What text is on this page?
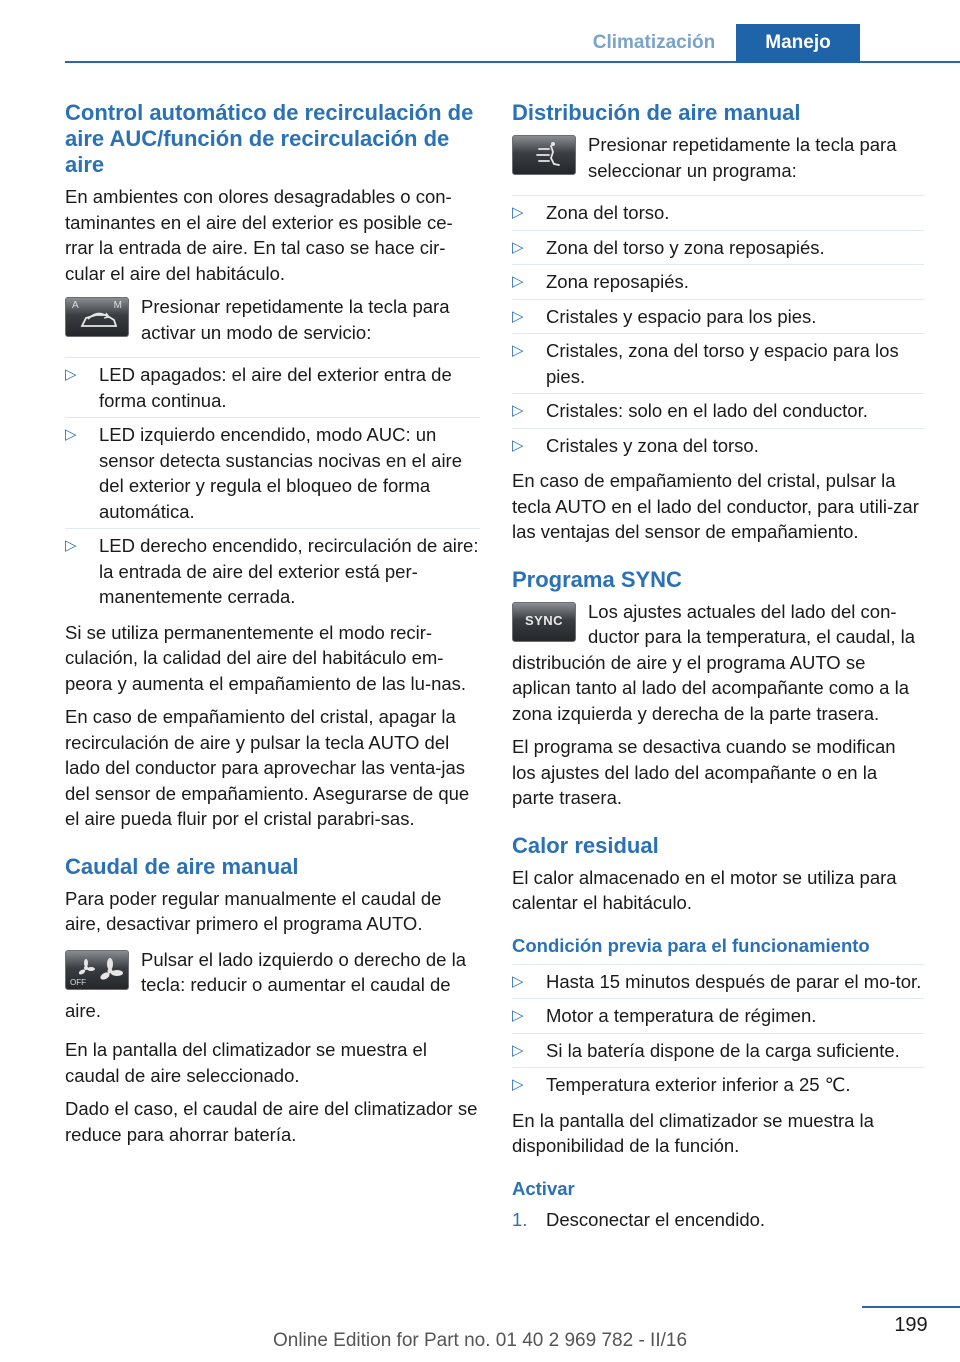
Climatización	Manejo
Control automático de recirculación de aire AUC/función de recirculación de aire

En ambientes con olores desagradables o con-taminantes en el aire del exterior es posible ce-rrar la entrada de aire. En tal caso se hace cir-cular el aire del habitáculo.

A	M Presionar repetidamente la tecla para activar un modo de servicio:

▷ LED apagados: el aire del exterior entra de forma continua.
▷ LED izquierdo encendido, modo AUC: un sensor detecta sustancias nocivas en el aire del exterior y regula el bloqueo de forma automática.
▷ LED derecho encendido, recirculación de aire: la entrada de aire del exterior está per-manentemente cerrada.

Si se utiliza permanentemente el modo recir-culación, la calidad del aire del habitáculo em-peora y aumenta el empañamiento de las lu-nas.

En caso de empañamiento del cristal, apagar la recirculación de aire y pulsar la tecla AUTO del lado del conductor para aprovechar las venta-jas del sensor de empañamiento. Asegurarse de que el aire pueda fluir por el cristal parabri-sas.

Caudal de aire manual

Para poder regular manualmente el caudal de aire, desactivar primero el programa AUTO.

OFF

Pulsar el lado izquierdo o derecho de la tecla: reducir o aumentar el caudal de aire.

En la pantalla del climatizador se muestra el caudal de aire seleccionado.

Dado el caso, el caudal de aire del climatizador se reduce para ahorrar batería.

Distribución de aire manual

Presionar repetidamente la tecla para seleccionar un programa:

▷ Zona del torso.
▷ Zona del torso y zona reposapiés.
▷ Zona reposapiés.
▷ Cristales y espacio para los pies.
▷ Cristales, zona del torso y espacio para los pies.
▷ Cristales: solo en el lado del conductor.
▷ Cristales y zona del torso.

En caso de empañamiento del cristal, pulsar la tecla AUTO en el lado del conductor, para utili-zar las ventajas del sensor de empañamiento.

Programa SYNC
SYNC	Los ajustes actuales del lado del con-ductor para la temperatura, el caudal, la distribución de aire y el programa AUTO se aplican tanto al lado del acompañante como a la zona izquierda y derecha de la parte trasera.

El programa se desactiva cuando se modifican los ajustes del lado del acompañante o en la parte trasera.

Calor residual

El calor almacenado en el motor se utiliza para calentar el habitáculo.

Condición previa para el funcionamiento
▷ Hasta 15 minutos después de parar el mo-tor.
▷ Motor a temperatura de régimen.
▷ Si la batería dispone de la carga suficiente.
▷ Temperatura exterior inferior a 25 ℃.

En la pantalla del climatizador se muestra la disponibilidad de la función.

Activar
1. Desconectar el encendido.
199
Online Edition for Part no. 01 40 2 969 782 - II/16
